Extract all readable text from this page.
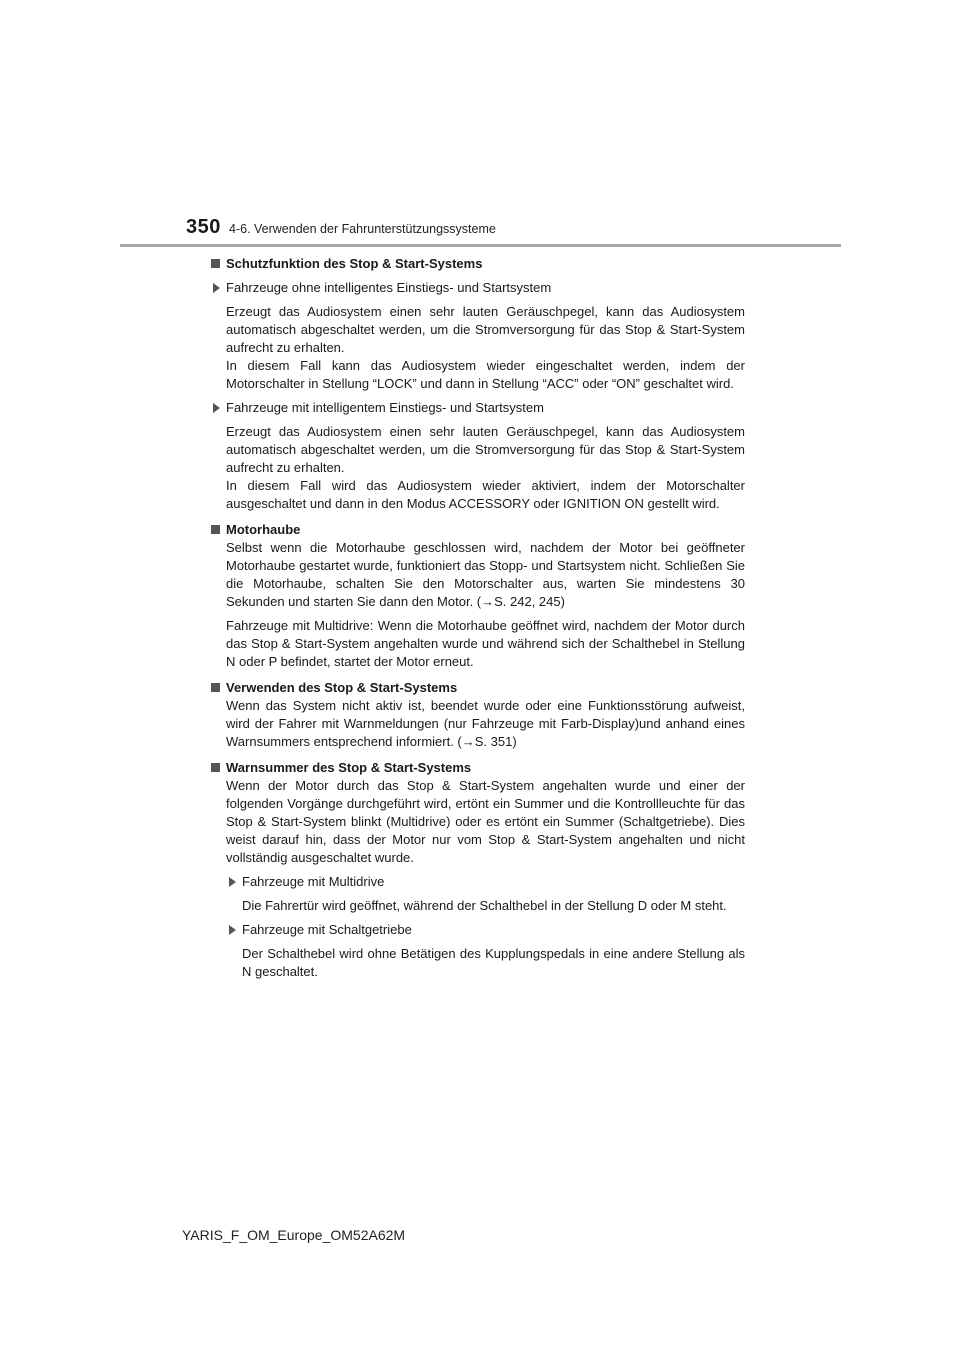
350 4-6. Verwenden der Fahrunterstützungssysteme
Schutzfunktion des Stop & Start-Systems
Fahrzeuge ohne intelligentes Einstiegs- und Startsystem
Erzeugt das Audiosystem einen sehr lauten Geräuschpegel, kann das Audiosystem automatisch abgeschaltet werden, um die Stromversorgung für das Stop & Start-System aufrecht zu erhalten.
In diesem Fall kann das Audiosystem wieder eingeschaltet werden, indem der Motorschalter in Stellung “LOCK” und dann in Stellung “ACC” oder “ON” geschaltet wird.
Fahrzeuge mit intelligentem Einstiegs- und Startsystem
Erzeugt das Audiosystem einen sehr lauten Geräuschpegel, kann das Audiosystem automatisch abgeschaltet werden, um die Stromversorgung für das Stop & Start-System aufrecht zu erhalten.
In diesem Fall wird das Audiosystem wieder aktiviert, indem der Motorschalter ausgeschaltet und dann in den Modus ACCESSORY oder IGNITION ON gestellt wird.
Motorhaube
Selbst wenn die Motorhaube geschlossen wird, nachdem der Motor bei geöffneter Motorhaube gestartet wurde, funktioniert das Stopp- und Startsystem nicht. Schließen Sie die Motorhaube, schalten Sie den Motorschalter aus, warten Sie mindestens 30 Sekunden und starten Sie dann den Motor. (→S. 242, 245)
Fahrzeuge mit Multidrive: Wenn die Motorhaube geöffnet wird, nachdem der Motor durch das Stop & Start-System angehalten wurde und während sich der Schalthebel in Stellung N oder P befindet, startet der Motor erneut.
Verwenden des Stop & Start-Systems
Wenn das System nicht aktiv ist, beendet wurde oder eine Funktionsstörung aufweist, wird der Fahrer mit Warnmeldungen (nur Fahrzeuge mit Farb-Display)und anhand eines Warnsummers entsprechend informiert. (→S. 351)
Warnsummer des Stop & Start-Systems
Wenn der Motor durch das Stop & Start-System angehalten wurde und einer der folgenden Vorgänge durchgeführt wird, ertönt ein Summer und die Kontrollleuchte für das Stop & Start-System blinkt (Multidrive) oder es ertönt ein Summer (Schaltgetriebe). Dies weist darauf hin, dass der Motor nur vom Stop & Start-System angehalten und nicht vollständig ausgeschaltet wurde.
Fahrzeuge mit Multidrive
Die Fahrertür wird geöffnet, während der Schalthebel in der Stellung D oder M steht.
Fahrzeuge mit Schaltgetriebe
Der Schalthebel wird ohne Betätigen des Kupplungspedals in eine andere Stellung als N geschaltet.
YARIS_F_OM_Europe_OM52A62M
